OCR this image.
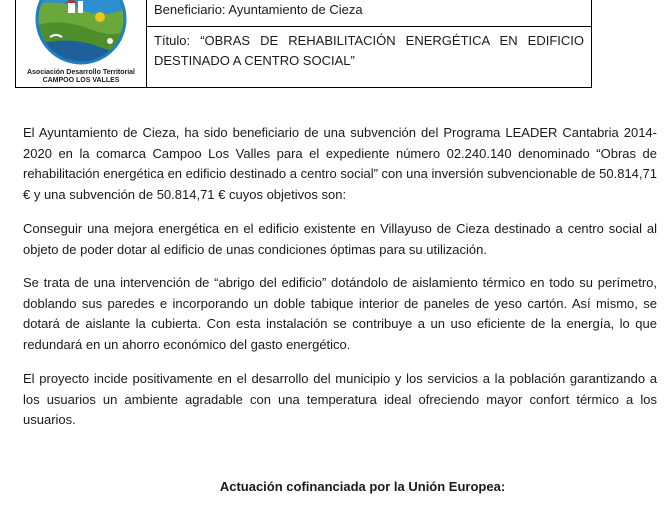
Asociación Desarrollo Territorial
CAMPOO LOS VALLES
Beneficiario: Ayuntamiento de Cieza
Título: “OBRAS DE REHABILITACIÓN ENERGÉTICA EN EDIFICIO DESTINADO A CENTRO SOCIAL”
El Ayuntamiento de Cieza, ha sido beneficiario de una subvención del Programa LEADER Cantabria 2014-2020 en la comarca Campoo Los Valles para el expediente número 02.240.140 denominado “Obras de rehabilitación energética en edificio destinado a centro social” con una inversión subvencionable de 50.814,71 € y una subvención de 50.814,71 € cuyos objetivos son:
Conseguir una mejora energética en el edificio existente en Villayuso de Cieza destinado a centro social al objeto de poder dotar al edificio de unas condiciones óptimas para su utilización.
Se trata de una intervención de “abrigo del edificio” dotándolo de aislamiento térmico en todo su perímetro, doblando sus paredes e incorporando un doble tabique interior de paneles de yeso cartón. Así mismo, se dotará de aislante la cubierta. Con esta instalación se contribuye a un uso eficiente de la energía, lo que redundará en un ahorro económico del gasto energético.
El proyecto incide positivamente en el desarrollo del municipio y los servicios a la población garantizando a los usuarios un ambiente agradable con una temperatura ideal ofreciendo mayor confort térmico a los usuarios.
Actuación cofinanciada por la Unión Europea:
